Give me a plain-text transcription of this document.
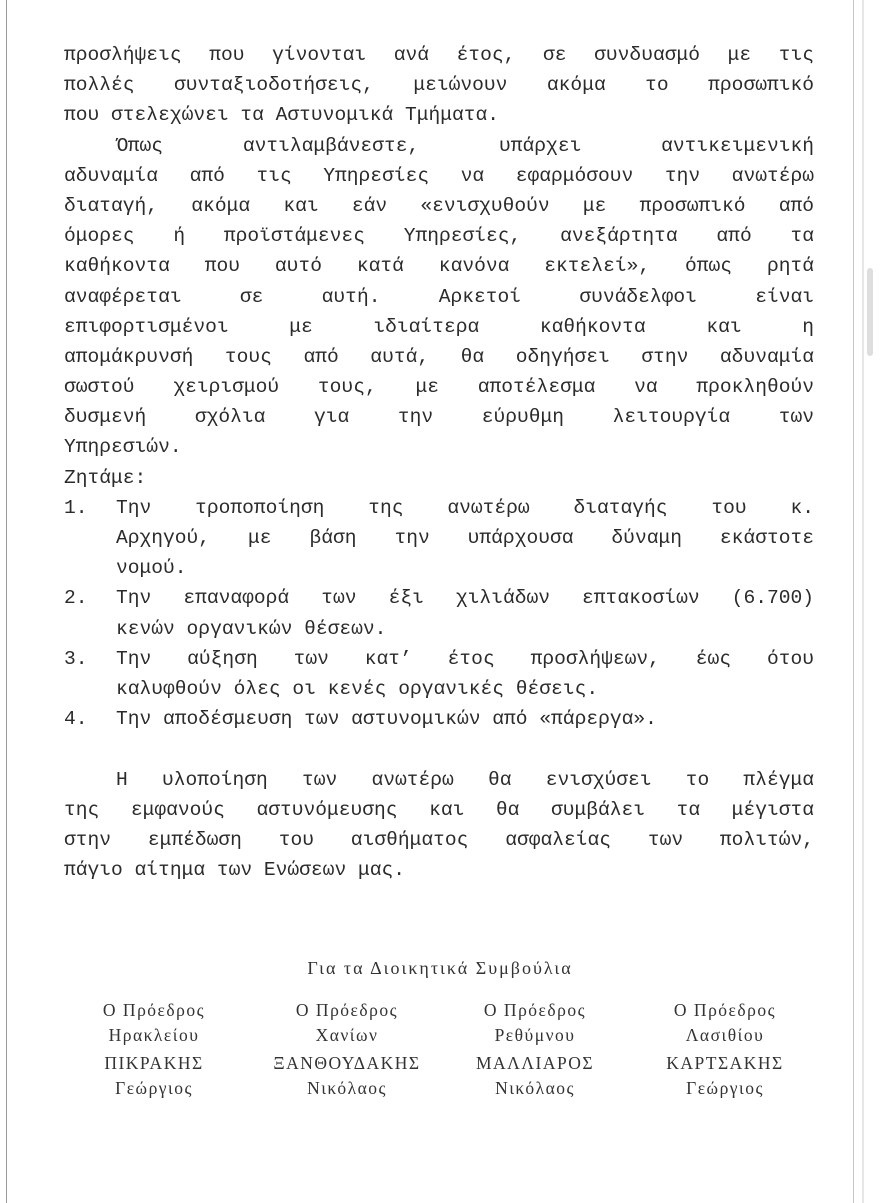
προσλήψεις που γίνονται ανά έτος, σε συνδυασμό με τις
πολλές συνταξιοδοτήσεις, μειώνουν ακόμα το προσωπικό
που στελεχώνει τα Αστυνομικά Τμήματα.
Όπως αντιλαμβάνεστε, υπάρχει αντικειμενική
αδυναμία από τις Υπηρεσίες να εφαρμόσουν την ανωτέρω
διαταγή, ακόμα και εάν «ενισχυθούν με προσωπικό από
όμορες ή προϊστάμενες Υπηρεσίες, ανεξάρτητα από τα
καθήκοντα που αυτό κατά κανόνα εκτελεί», όπως ρητά
αναφέρεται σε αυτή. Αρκετοί συνάδελφοι είναι
επιφορτισμένοι με ιδιαίτερα καθήκοντα και η
απομάκρυνσή τους από αυτά, θα οδηγήσει στην αδυναμία
σωστού χειρισμού τους, με αποτέλεσμα να προκληθούν
δυσμενή σχόλια για την εύρυθμη λειτουργία των
Υπηρεσιών.
Ζητάμε:
1. Την τροποποίηση της ανωτέρω διαταγής του κ.
Αρχηγού, με βάση την υπάρχουσα δύναμη εκάστοτε
νομού.
2. Την επαναφορά των έξι χιλιάδων επτακοσίων (6.700)
κενών οργανικών θέσεων.
3. Την αύξηση των κατ’ έτος προσλήψεων, έως ότου
καλυφθούν όλες οι κενές οργανικές θέσεις.
4. Την αποδέσμευση των αστυνομικών από «πάρεργα».
Η υλοποίηση των ανωτέρω θα ενισχύσει το πλέγμα
της εμφανούς αστυνόμευσης και θα συμβάλει τα μέγιστα
στην εμπέδωση του αισθήματος ασφαλείας των πολιτών,
πάγιο αίτημα των Ενώσεων μας.
Για τα Διοικητικά Συμβούλια
Ο Πρόεδρος
Ηρακλείου
ΠΙΚΡΑΚΗΣ
Γεώργιος
Ο Πρόεδρος
Χανίων
ΞΑΝΘΟΥΔΑΚΗΣ
Νικόλαος
Ο Πρόεδρος
Ρεθύμνου
ΜΑΛΛΙΑΡΟΣ
Νικόλαος
Ο Πρόεδρος
Λασιθίου
ΚΑΡΤΣΑΚΗΣ
Γεώργιος
